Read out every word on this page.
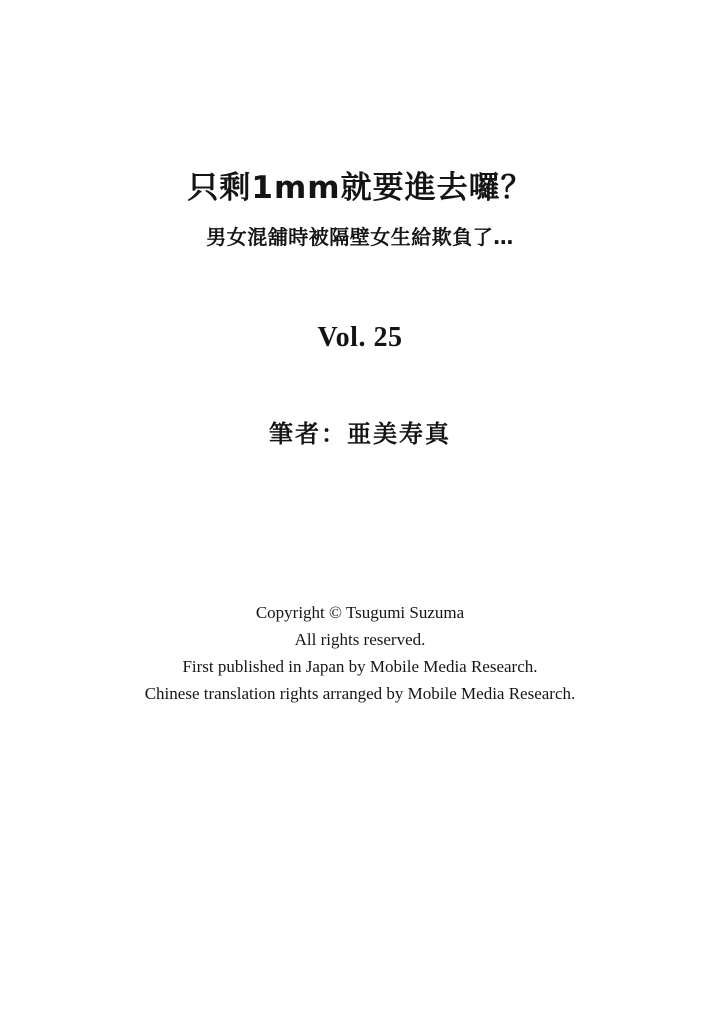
只剩1mm就要進去囉？
男女混舖時被隔壁女生給欺負了…
Vol. 25
筆者：亜美寿真

Copyright © Tsugumi Suzuma

All rights reserved.

First published in Japan by Mobile Media Research.

Chinese translation rights arranged by Mobile Media Research.
